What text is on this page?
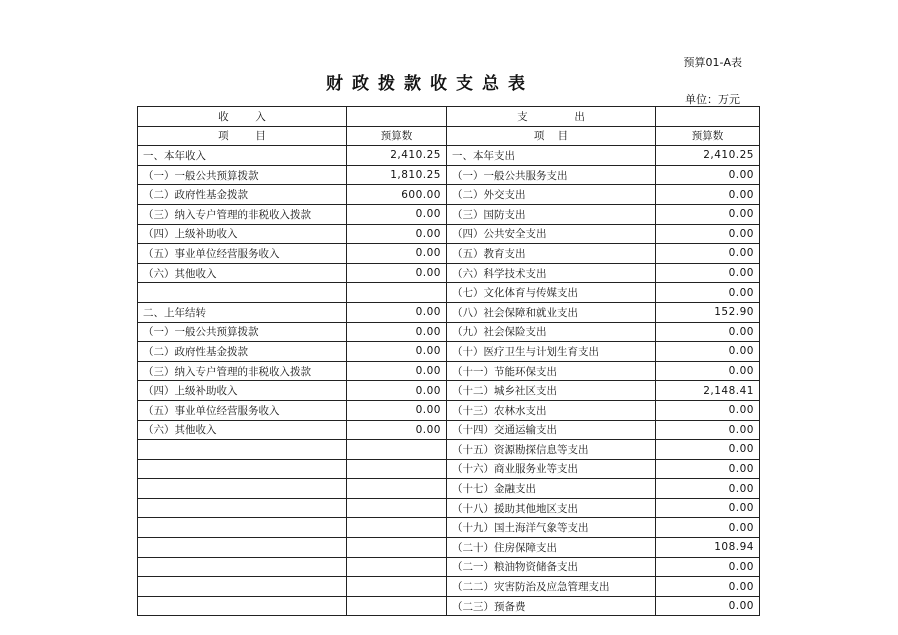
预算01-A表
财政拨款收支总表
单位：万元
收        入		支              出	
项        目	预算数	项    目	预算数
一、本年收入	2,410.25	一、本年支出	2,410.25
（一）一般公共预算拨款	1,810.25	（一）一般公共服务支出	0.00
（二）政府性基金拨款	600.00	（二）外交支出	0.00
（三）纳入专户管理的非税收入拨款	0.00	（三）国防支出	0.00
（四）上级补助收入	0.00	（四）公共安全支出	0.00
（五）事业单位经营服务收入	0.00	（五）教育支出	0.00
（六）其他收入	0.00	（六）科学技术支出	0.00
		（七）文化体育与传媒支出	0.00
二、上年结转	0.00	（八）社会保障和就业支出	152.90
（一）一般公共预算拨款	0.00	（九）社会保险支出	0.00
（二）政府性基金拨款	0.00	（十）医疗卫生与计划生育支出	0.00
（三）纳入专户管理的非税收入拨款	0.00	（十一）节能环保支出	0.00
（四）上级补助收入	0.00	（十二）城乡社区支出	2,148.41
（五）事业单位经营服务收入	0.00	（十三）农林水支出	0.00
（六）其他收入	0.00	（十四）交通运输支出	0.00
		（十五）资源勘探信息等支出	0.00
		（十六）商业服务业等支出	0.00
		（十七）金融支出	0.00
		（十八）援助其他地区支出	0.00
		（十九）国土海洋气象等支出	0.00
		（二十）住房保障支出	108.94
		（二一）粮油物资储备支出	0.00
		（二二）灾害防治及应急管理支出	0.00
		（二三）预备费	0.00
